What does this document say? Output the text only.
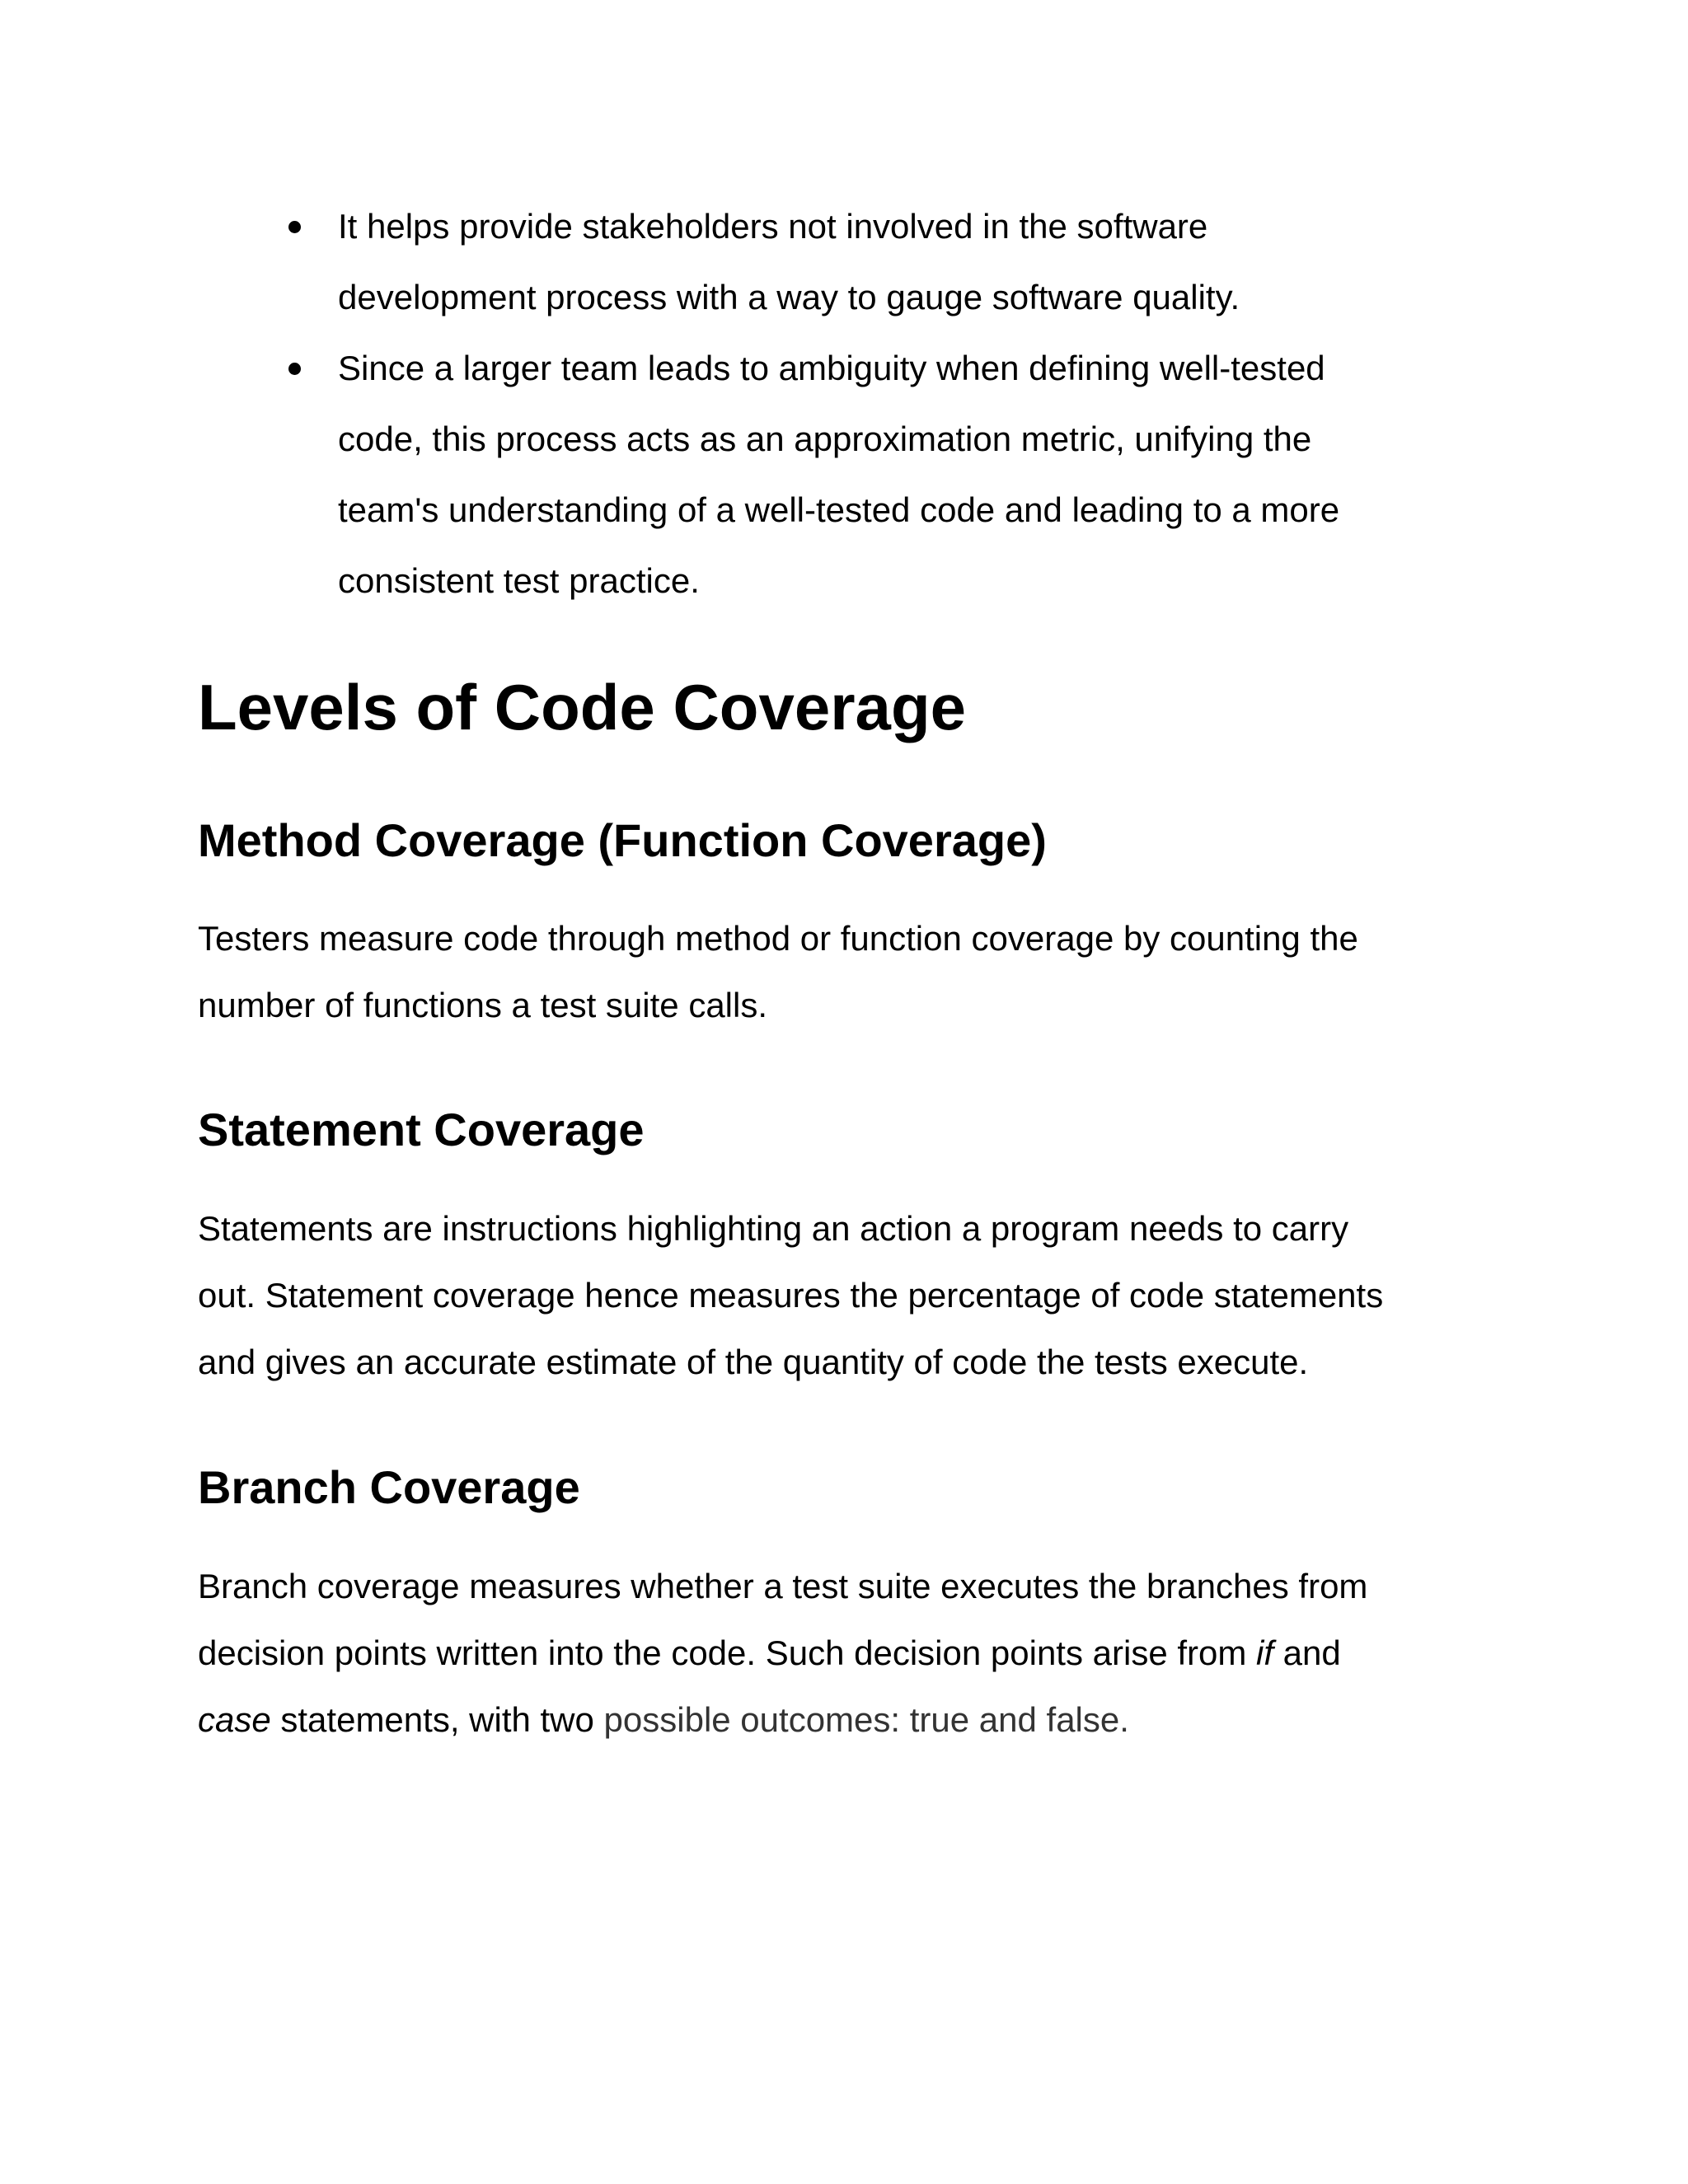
It helps provide stakeholders not involved in the software
development process with a way to gauge software quality.
Since a larger team leads to ambiguity when defining well-tested
code, this process acts as an approximation metric, unifying the
team's understanding of a well-tested code and leading to a more
consistent test practice.
Levels of Code Coverage
Method Coverage (Function Coverage)

Testers measure code through method or function coverage by counting the
number of functions a test suite calls.

Statement Coverage

Statements are instructions highlighting an action a program needs to carry
out. Statement coverage hence measures the percentage of code statements
and gives an accurate estimate of the quantity of code the tests execute.

Branch Coverage

Branch coverage measures whether a test suite executes the branches from
decision points written into the code. Such decision points arise from if and
case statements, with two possible outcomes: true and false.
